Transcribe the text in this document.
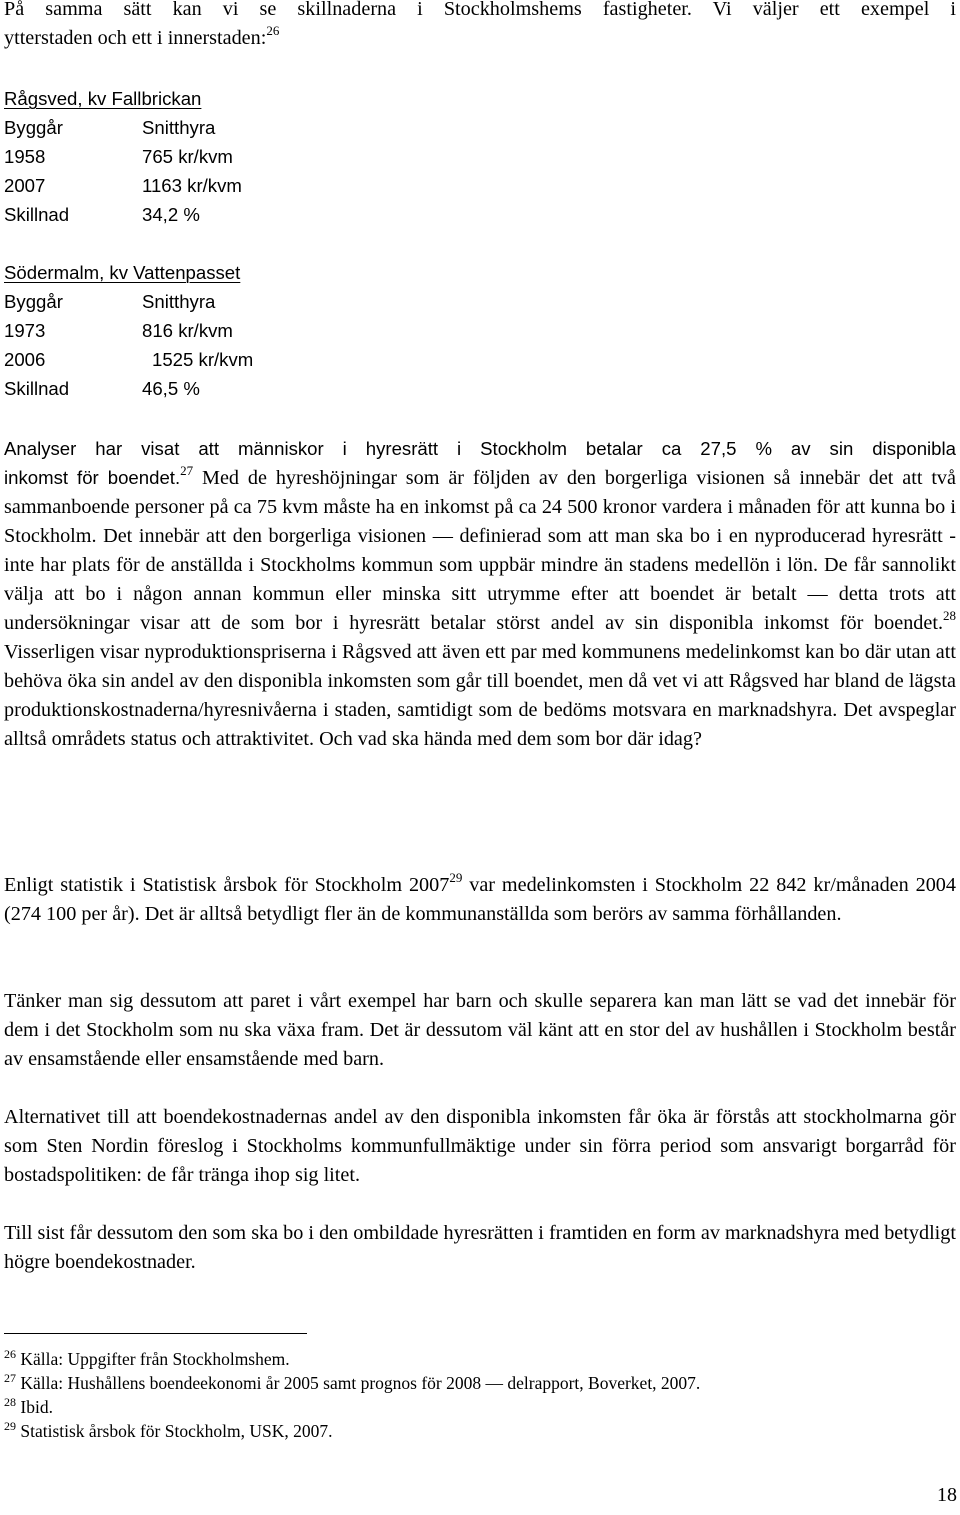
På samma sätt kan vi se skillnaderna i Stockholmshems fastigheter. Vi väljer ett exempel i

ytterstaden och ett i innerstaden:$^{26}$

Rågsved, kv Fallbrickan

Byggår	Snitthyra
1958	765 kr/kvm
2007	1163 kr/kvm
Skillnad	34,2 %

Södermalm, kv Vattenpasset

Byggår	Snitthyra
1973	816 kr/kvm
2006	1525 kr/kvm
Skillnad	46,5 %

Analyser har visat att människor i hyresrätt i Stockholm betalar ca 27,5 % av sin disponibla

inkomst för boendet.$^{27}$ Med de hyreshöjningar som är följden av den borgerliga visionen så innebär det att två sammanboende personer på ca 75 kvm måste ha en inkomst på ca 24 500 kronor vardera i månaden för att kunna bo i Stockholm. Det innebär att den borgerliga visionen — definierad som att man ska bo i en nyproducerad hyresrätt - inte har plats för de anställda i Stockholms kommun som uppbär mindre än stadens medellön i lön. De får sannolikt välja att bo i någon annan kommun eller minska sitt utrymme efter att boendet är betalt — detta trots att undersökningar visar att de som bor i hyresrätt betalar störst andel av sin disponibla inkomst för boendet.$^{28}$ Visserligen visar nyproduktionspriserna i Rågsved att även ett par med kommunens medelinkomst kan bo där utan att behöva öka sin andel av den disponibla inkomsten som går till boendet, men då vet vi att Rågsved har bland de lägsta produktionskostnaderna/hyresnivåerna i staden, samtidigt som de bedöms motsvara en marknadshyra. Det avspeglar alltså områdets status och attraktivitet. Och vad ska hända med dem som bor där idag?

Enligt statistik i Statistisk årsbok för Stockholm 2007$^{29}$ var medelinkomsten i Stockholm 22 842 kr/månaden 2004 (274 100 per år). Det är alltså betydligt fler än de kommunanställda som berörs av samma förhållanden.

Tänker man sig dessutom att paret i vårt exempel har barn och skulle separera kan man lätt se vad det innebär för dem i det Stockholm som nu ska växa fram. Det är dessutom väl känt att en stor del av hushållen i Stockholm består av ensamstående eller ensamstående med barn.

Alternativet till att boendekostnadernas andel av den disponibla inkomsten får öka är förstås att stockholmarna gör som Sten Nordin föreslog i Stockholms kommunfullmäktige under sin förra period som ansvarigt borgarråd för bostadspolitiken: de får tränga ihop sig litet.

Till sist får dessutom den som ska bo i den ombildade hyresrätten i framtiden en form av marknadshyra med betydligt högre boendekostnader.

$^{26}$ Källa: Uppgifter från Stockholmshem.
$^{27}$ Källa: Hushållens boendeekonomi år 2005 samt prognos för 2008 — delrapport, Boverket, 2007.
$^{28}$ Ibid.
$^{29}$ Statistisk årsbok för Stockholm, USK, 2007.
18
